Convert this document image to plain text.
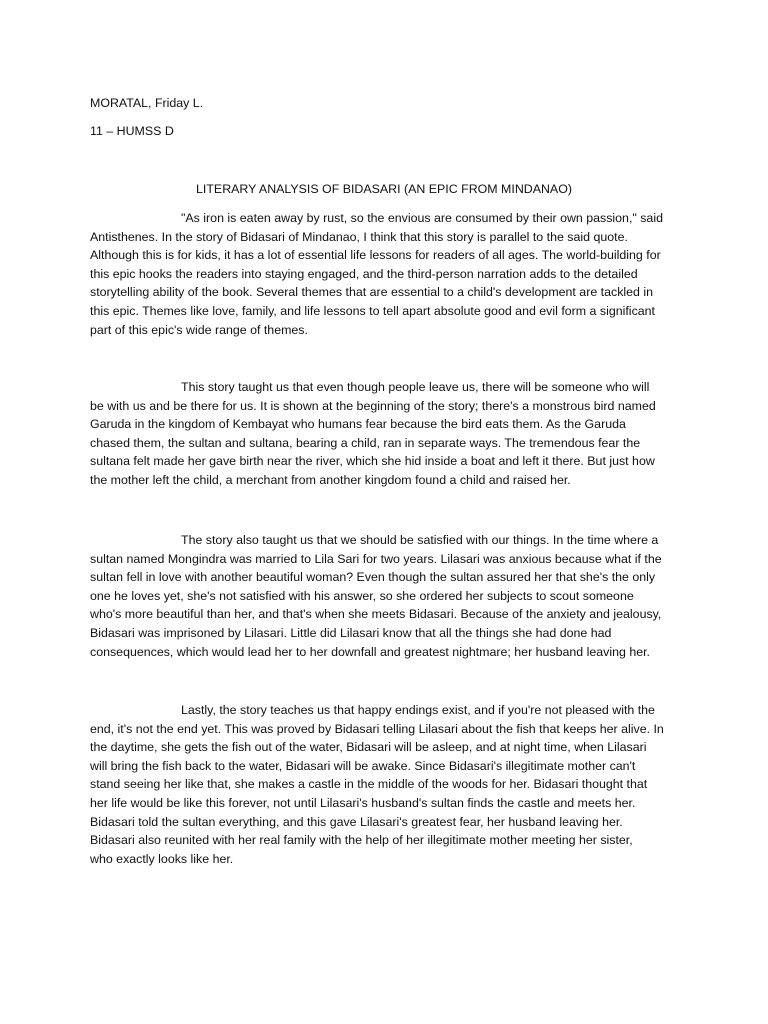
MORATAL, Friday L.
11 – HUMSS D
LITERARY ANALYSIS OF BIDASARI (AN EPIC FROM MINDANAO)
"As iron is eaten away by rust, so the envious are consumed by their own passion," said
Antisthenes. In the story of Bidasari of Mindanao, I think that this story is parallel to the said quote.
Although this is for kids, it has a lot of essential life lessons for readers of all ages. The world-building for
this epic hooks the readers into staying engaged, and the third-person narration adds to the detailed
storytelling ability of the book. Several themes that are essential to a child's development are tackled in
this epic. Themes like love, family, and life lessons to tell apart absolute good and evil form a significant
part of this epic's wide range of themes.
This story taught us that even though people leave us, there will be someone who will
be with us and be there for us. It is shown at the beginning of the story; there's a monstrous bird named
Garuda in the kingdom of Kembayat who humans fear because the bird eats them. As the Garuda
chased them, the sultan and sultana, bearing a child, ran in separate ways. The tremendous fear the
sultana felt made her gave birth near the river, which she hid inside a boat and left it there. But just how
the mother left the child, a merchant from another kingdom found a child and raised her.
The story also taught us that we should be satisfied with our things. In the time where a
sultan named Mongindra was married to Lila Sari for two years. Lilasari was anxious because what if the
sultan fell in love with another beautiful woman? Even though the sultan assured her that she's the only
one he loves yet, she's not satisfied with his answer, so she ordered her subjects to scout someone
who's more beautiful than her, and that's when she meets Bidasari. Because of the anxiety and jealousy,
Bidasari was imprisoned by Lilasari. Little did Lilasari know that all the things she had done had
consequences, which would lead her to her downfall and greatest nightmare; her husband leaving her.
Lastly, the story teaches us that happy endings exist, and if you're not pleased with the
end, it's not the end yet. This was proved by Bidasari telling Lilasari about the fish that keeps her alive. In
the daytime, she gets the fish out of the water, Bidasari will be asleep, and at night time, when Lilasari
will bring the fish back to the water, Bidasari will be awake. Since Bidasari's illegitimate mother can't
stand seeing her like that, she makes a castle in the middle of the woods for her. Bidasari thought that
her life would be like this forever, not until Lilasari's husband's sultan finds the castle and meets her.
Bidasari told the sultan everything, and this gave Lilasari's greatest fear, her husband leaving her.
Bidasari also reunited with her real family with the help of her illegitimate mother meeting her sister,
who exactly looks like her.
